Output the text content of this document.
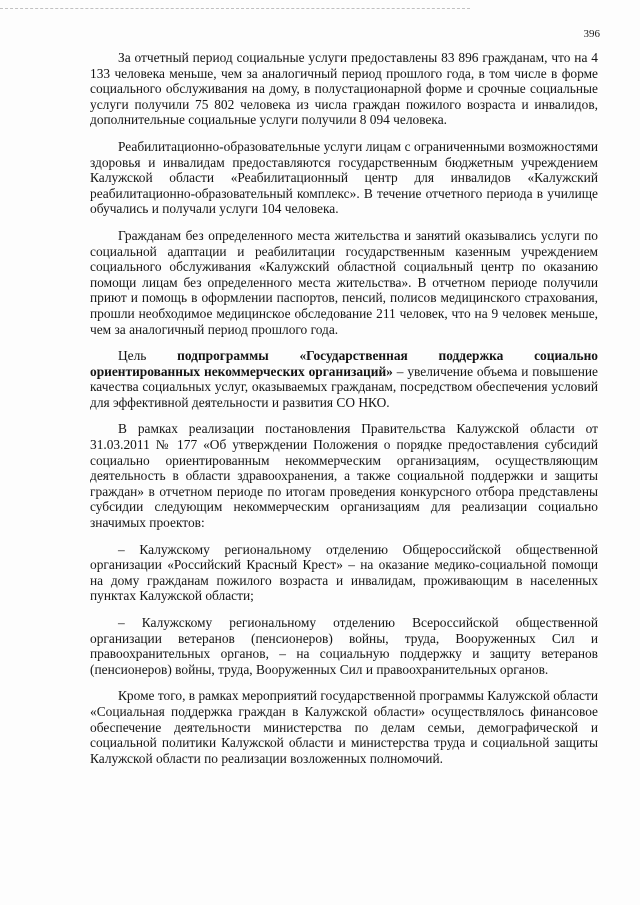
396

За отчетный период социальные услуги предоставлены 83 896 гражданам, что на 4 133 человека меньше, чем за аналогичный период прошлого года, в том числе в форме социального обслуживания на дому, в полустационарной форме и срочные социальные услуги получили 75 802 человека из числа граждан пожилого возраста и инвалидов, дополнительные социальные услуги получили 8 094 человека.

Реабилитационно-образовательные услуги лицам с ограниченными возможностями здоровья и инвалидам предоставляются государственным бюджетным учреждением Калужской области «Реабилитационный центр для инвалидов «Калужский реабилитационно-образовательный комплекс». В течение отчетного периода в училище обучались и получали услуги 104 человека.

Гражданам без определенного места жительства и занятий оказывались услуги по социальной адаптации и реабилитации государственным казенным учреждением социального обслуживания «Калужский областной социальный центр по оказанию помощи лицам без определенного места жительства». В отчетном периоде получили приют и помощь в оформлении паспортов, пенсий, полисов медицинского страхования, прошли необходимое медицинское обследование 211 человек, что на 9 человек меньше, чем за аналогичный период прошлого года.

Цель подпрограммы «Государственная поддержка социально ориентированных некоммерческих организаций» – увеличение объема и повышение качества социальных услуг, оказываемых гражданам, посредством обеспечения условий для эффективной деятельности и развития СО НКО.

В рамках реализации постановления Правительства Калужской области от 31.03.2011 № 177 «Об утверждении Положения о порядке предоставления субсидий социально ориентированным некоммерческим организациям, осуществляющим деятельность в области здравоохранения, а также социальной поддержки и защиты граждан» в отчетном периоде по итогам проведения конкурсного отбора представлены субсидии следующим некоммерческим организациям для реализации социально значимых проектов:

– Калужскому региональному отделению Общероссийской общественной организации «Российский Красный Крест» – на оказание медико-социальной помощи на дому гражданам пожилого возраста и инвалидам, проживающим в населенных пунктах Калужской области;

– Калужскому региональному отделению Всероссийской общественной организации ветеранов (пенсионеров) войны, труда, Вооруженных Сил и правоохранительных органов, – на социальную поддержку и защиту ветеранов (пенсионеров) войны, труда, Вооруженных Сил и правоохранительных органов.

Кроме того, в рамках мероприятий государственной программы Калужской области «Социальная поддержка граждан в Калужской области» осуществлялось финансовое обеспечение деятельности министерства по делам семьи, демографической и социальной политики Калужской области и министерства труда и социальной защиты Калужской области по реализации возложенных полномочий.
